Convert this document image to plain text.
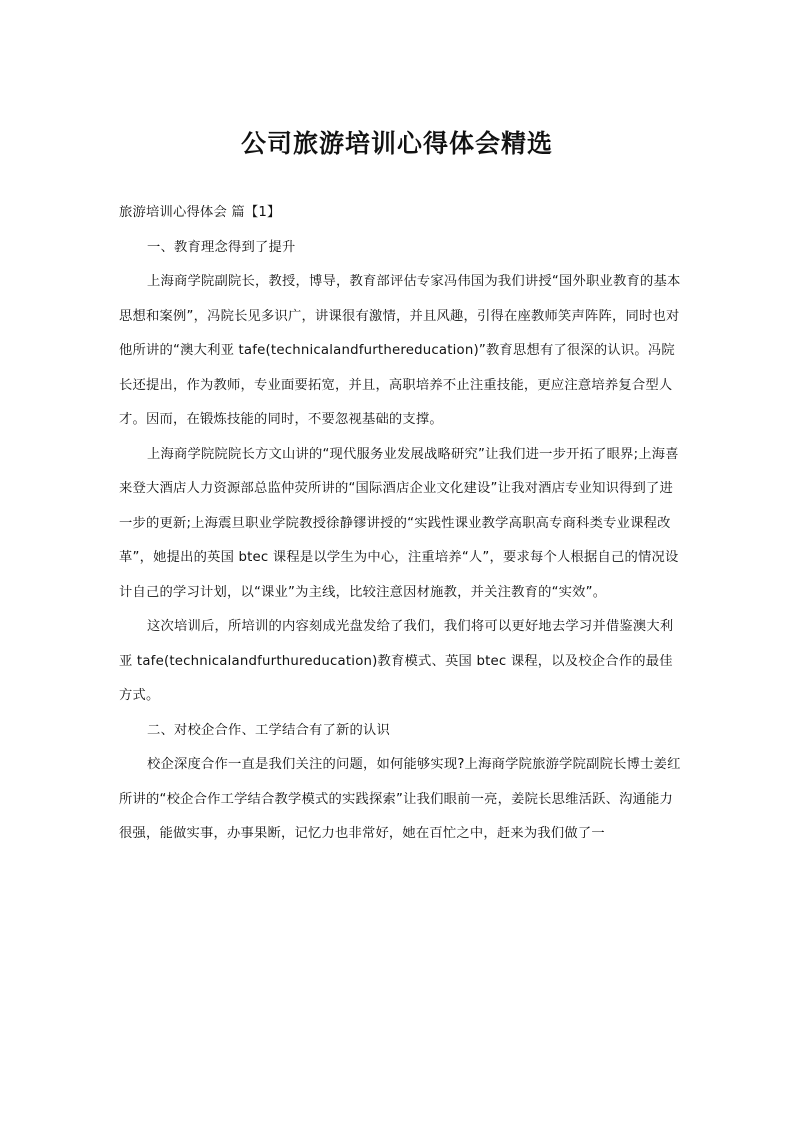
公司旅游培训心得体会精选

旅游培训心得体会 篇【1】

一、教育理念得到了提升

上海商学院副院长，教授，博导，教育部评估专家冯伟国为我们讲授“国外职业教育的基本思想和案例”，冯院长见多识广，讲课很有激情，并且风趣，引得在座教师笑声阵阵，同时也对他所讲的“澳大利亚 tafe(technicalandfurthereducation)”教育思想有了很深的认识。冯院长还提出，作为教师，专业面要拓宽，并且，高职培养不止注重技能，更应注意培养复合型人才。因而，在锻炼技能的同时，不要忽视基础的支撑。

上海商学院院院长方文山讲的“现代服务业发展战略研究”让我们进一步开拓了眼界;上海喜来登大酒店人力资源部总监仲荧所讲的“国际酒店企业文化建设”让我对酒店专业知识得到了进一步的更新;上海震旦职业学院教授徐静镠讲授的“实践性课业教学高职高专商科类专业课程改革”，她提出的英国 btec 课程是以学生为中心，注重培养“人”，要求每个人根据自己的情况设计自己的学习计划，以“课业”为主线，比较注意因材施教，并关注教育的“实效”。

这次培训后，所培训的内容刻成光盘发给了我们，我们将可以更好地去学习并借鉴澳大利亚 tafe(technicalandfurthureducation)教育模式、英国 btec 课程，以及校企合作的最佳方式。

二、对校企合作、工学结合有了新的认识

校企深度合作一直是我们关注的问题，如何能够实现?上海商学院旅游学院副院长博士姜红所讲的“校企合作工学结合教学模式的实践探索”让我们眼前一亮，姜院长思维活跃、沟通能力很强，能做实事，办事果断，记忆力也非常好，她在百忙之中，赶来为我们做了一
